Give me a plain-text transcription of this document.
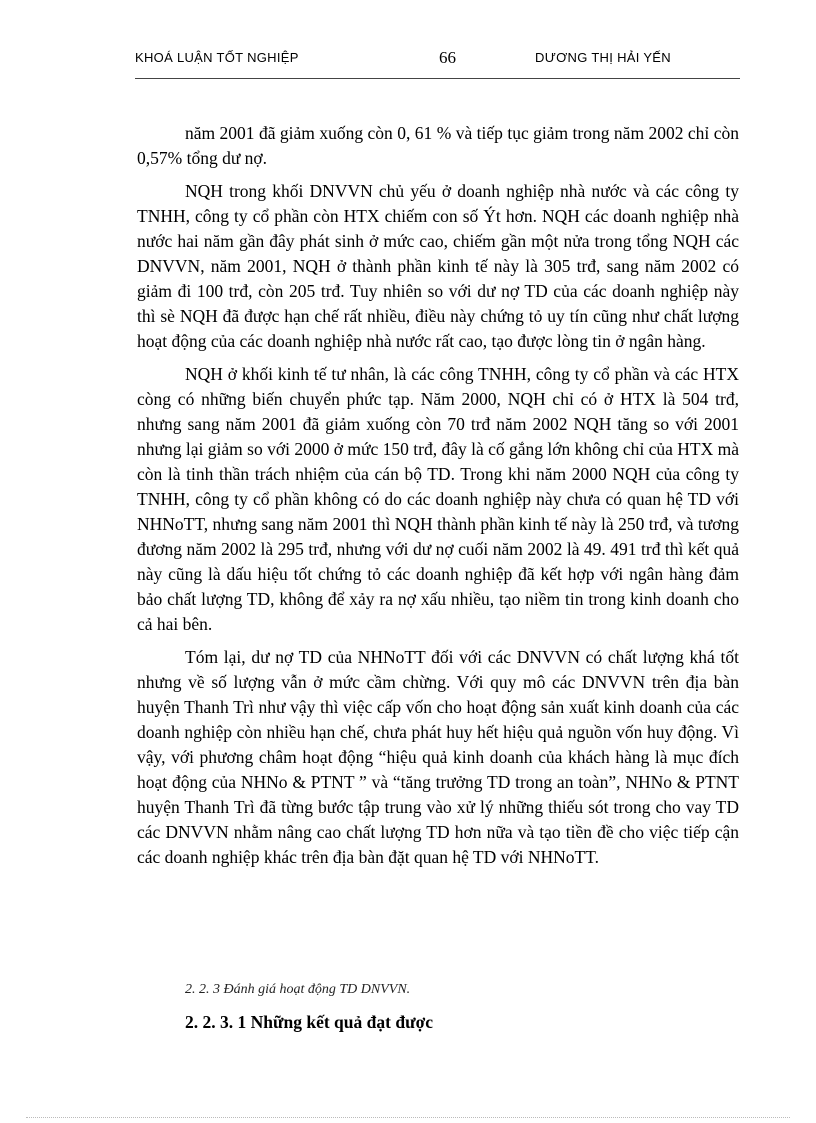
KHOÁ LUẬN TỐT NGHIỆP	66	DƯƠNG THỊ HẢI YẾN

năm 2001 đã giảm xuống còn 0, 61 % và tiếp tục giảm trong năm 2002 chỉ còn 0,57% tổng dư nợ.

NQH trong khối DNVVN chủ yếu ở doanh nghiệp nhà nước và các công ty TNHH, công ty cổ phần còn HTX chiếm con số Ýt hơn. NQH các doanh nghiệp nhà nước hai năm gần đây phát sinh ở mức cao, chiếm gần một nửa trong tổng NQH các DNVVN, năm 2001, NQH ở thành phần kinh tế này là 305 trđ, sang năm 2002 có giảm đi 100 trđ, còn 205 trđ. Tuy nhiên so với dư nợ TD của các doanh nghiệp này thì sè NQH đã được hạn chế rất nhiều, điều này chứng tỏ uy tín cũng như chất lượng hoạt động của các doanh nghiệp nhà nước rất cao, tạo được lòng tin ở ngân hàng.

NQH ở khối kinh tế tư nhân, là các công TNHH, công ty cổ phần và các HTX còng có những biến chuyển phức tạp. Năm 2000, NQH chỉ có ở HTX là 504 trđ, nhưng sang năm 2001 đã giảm xuống còn 70 trđ năm 2002 NQH tăng so với 2001 nhưng lại giảm so với 2000 ở mức 150 trđ, đây là cố gắng lớn không chỉ của HTX mà còn là tinh thần trách nhiệm của cán bộ TD. Trong khi năm 2000 NQH của công ty TNHH, công ty cổ phần không có do các doanh nghiệp này chưa có quan hệ TD với NHNoTT, nhưng sang năm 2001 thì NQH thành phần kinh tế này là 250 trđ, và tương đương năm 2002 là 295 trđ, nhưng với dư nợ cuối năm 2002 là 49. 491 trđ thì kết quả này cũng là dấu hiệu tốt chứng tỏ các doanh nghiệp đã kết hợp với ngân hàng đảm bảo chất lượng TD, không để xảy ra nợ xấu nhiều, tạo niềm tin trong kinh doanh cho cả hai bên.

Tóm lại, dư nợ TD của NHNoTT đối với các DNVVN có chất lượng khá tốt nhưng về số lượng vẫn ở mức cầm chừng. Với quy mô các DNVVN trên địa bàn huyện Thanh Trì như vậy thì việc cấp vốn cho hoạt động sản xuất kinh doanh của các doanh nghiệp còn nhiều hạn chế, chưa phát huy hết hiệu quả nguồn vốn huy động. Vì vậy, với phương châm hoạt động “hiệu quả kinh doanh của khách hàng là mục đích hoạt động của NHNo & PTNT ” và “tăng trưởng TD trong an toàn”, NHNo & PTNT huyện Thanh Trì đã từng bước tập trung vào xử lý những thiếu sót trong cho vay TD các DNVVN nhằm nâng cao chất lượng TD hơn nữa và tạo tiền đề cho việc tiếp cận các doanh nghiệp khác trên địa bàn đặt quan hệ TD với NHNoTT.

2. 2. 3 Đánh giá hoạt động TD DNVVN.
2. 2. 3. 1 Những kết quả đạt được
